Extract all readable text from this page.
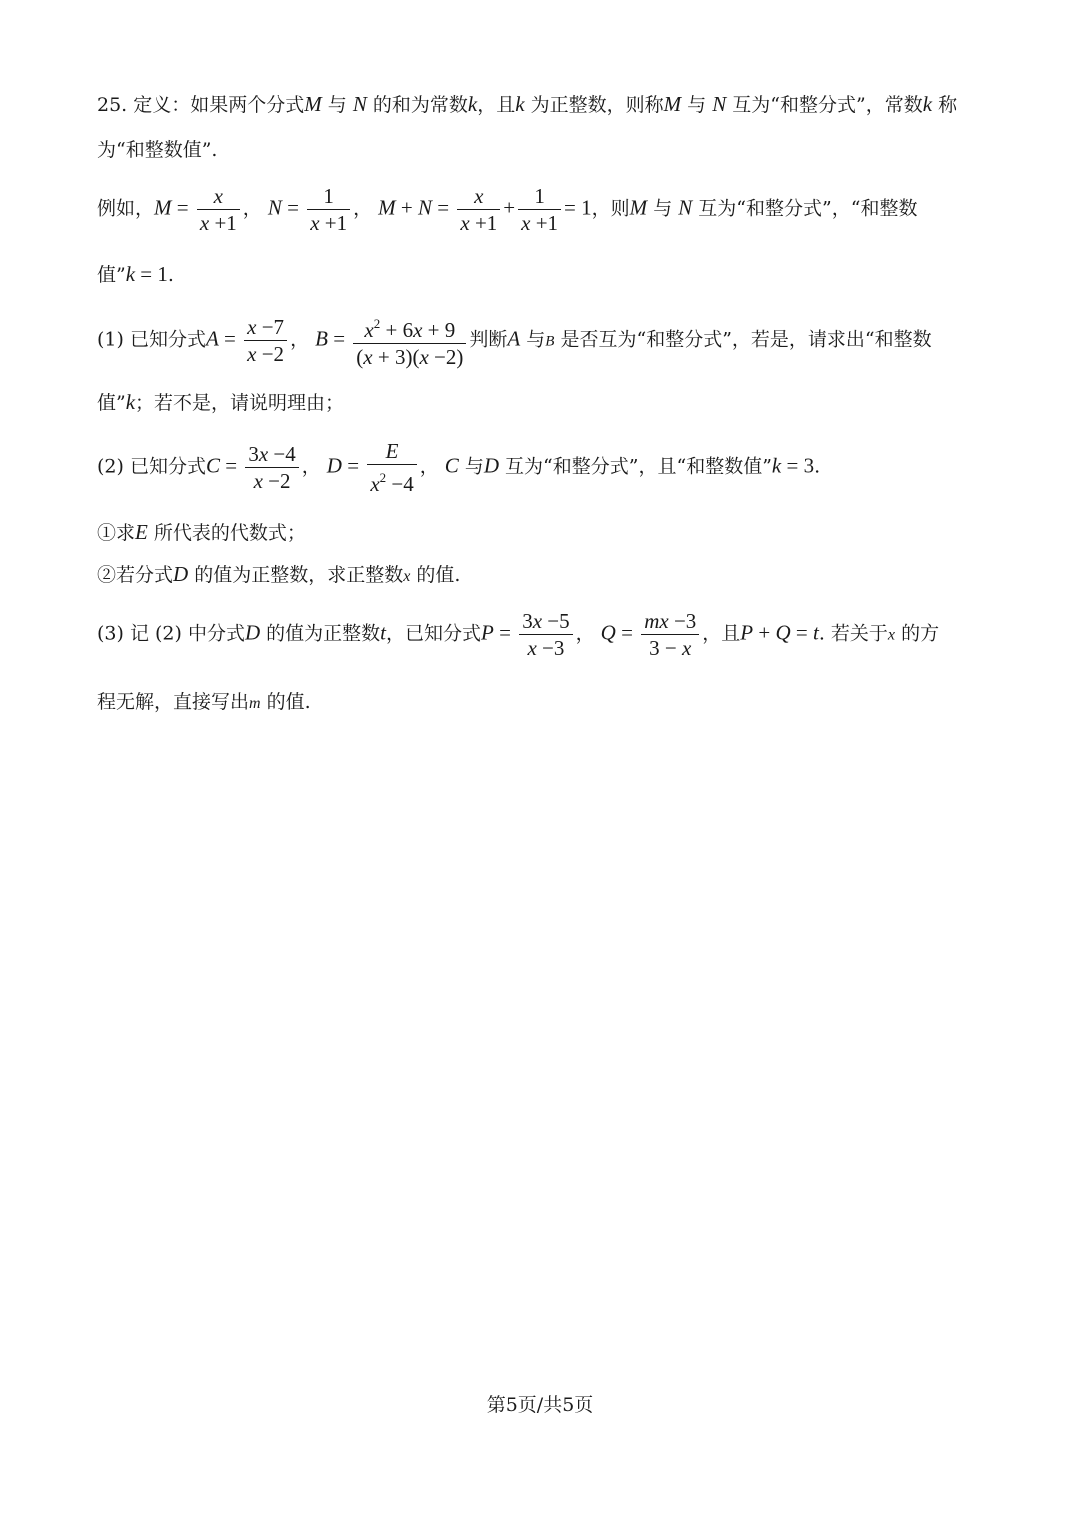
25. 定义：如果两个分式M 与 N 的和为常数k，且k 为正整数，则称M 与 N 互为“和整分式”，常数k 称
为“和整数值”.
例如，$M = \frac{x}{x +1}$ ， $N = \frac{1}{x +1}$ ， $M + N = \frac{x}{x +1} + \frac{1}{x +1} = 1$，则M 与 N 互为“和整分式”，“和整数
值”k = 1.
(1) 已知分式$A = \frac{x -7}{x -2}$ ， $B = \frac{x^2 + 6x + 9}{(x + 3)(x -2)}$ 判断A 与B 是否互为“和整分式”，若是，请求出“和整数
值”k；若不是，请说明理由；
(2) 已知分式$C = \frac{3x -4}{x -2}$ ， $D = \frac{E}{x^2 -4}$ ， C 与D 互为“和整分式”，且“和整数值”k = 3.
①求E 所代表的代数式；
②若分式D 的值为正整数，求正整数x 的值.
(3) 记 (2) 中分式D 的值为正整数t，已知分式$P = \frac{3x -5}{x -3}$ ， $Q = \frac{mx -3}{3 - x}$ ，且P + Q = t. 若关于x 的方
程无解，直接写出m 的值.
第5页/共5页
